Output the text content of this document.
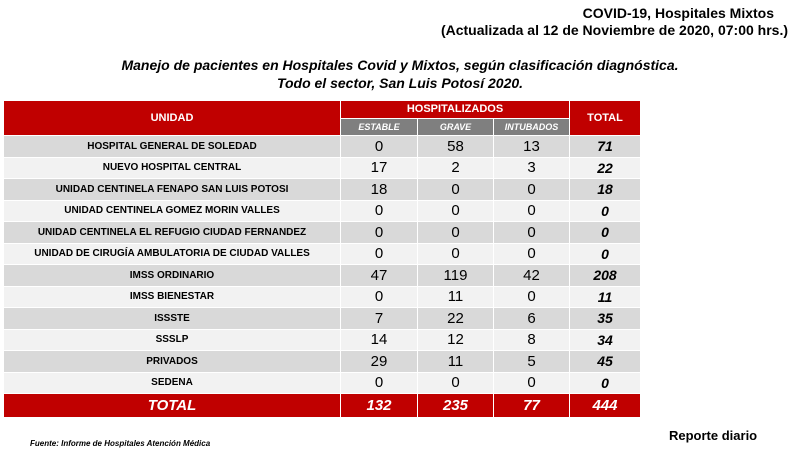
COVID-19, Hospitales Mixtos
(Actualizada al 12 de Noviembre de 2020, 07:00 hrs.)
Manejo de pacientes en Hospitales Covid y Mixtos, según clasificación diagnóstica.
Todo el sector, San Luis Potosí 2020.
UNIDAD	HOSPITALIZADOS			TOTAL
	ESTABLE	GRAVE	INTUBADOS	
HOSPITAL GENERAL DE SOLEDAD	0	58	13	71
NUEVO HOSPITAL CENTRAL	17	2	3	22
UNIDAD CENTINELA FENAPO SAN LUIS POTOSI	18	0	0	18
UNIDAD CENTINELA GOMEZ MORIN VALLES	0	0	0	0
UNIDAD CENTINELA EL REFUGIO CIUDAD FERNANDEZ	0	0	0	0
UNIDAD DE CIRUGÍA AMBULATORIA DE CIUDAD VALLES	0	0	0	0
IMSS ORDINARIO	47	119	42	208
IMSS BIENESTAR	0	11	0	11
ISSSTE	7	22	6	35
SSSLP	14	12	8	34
PRIVADOS	29	11	5	45
SEDENA	0	0	0	0
TOTAL	132	235	77	444
Fuente: Informe de Hospitales Atención Médica
Reporte diario
